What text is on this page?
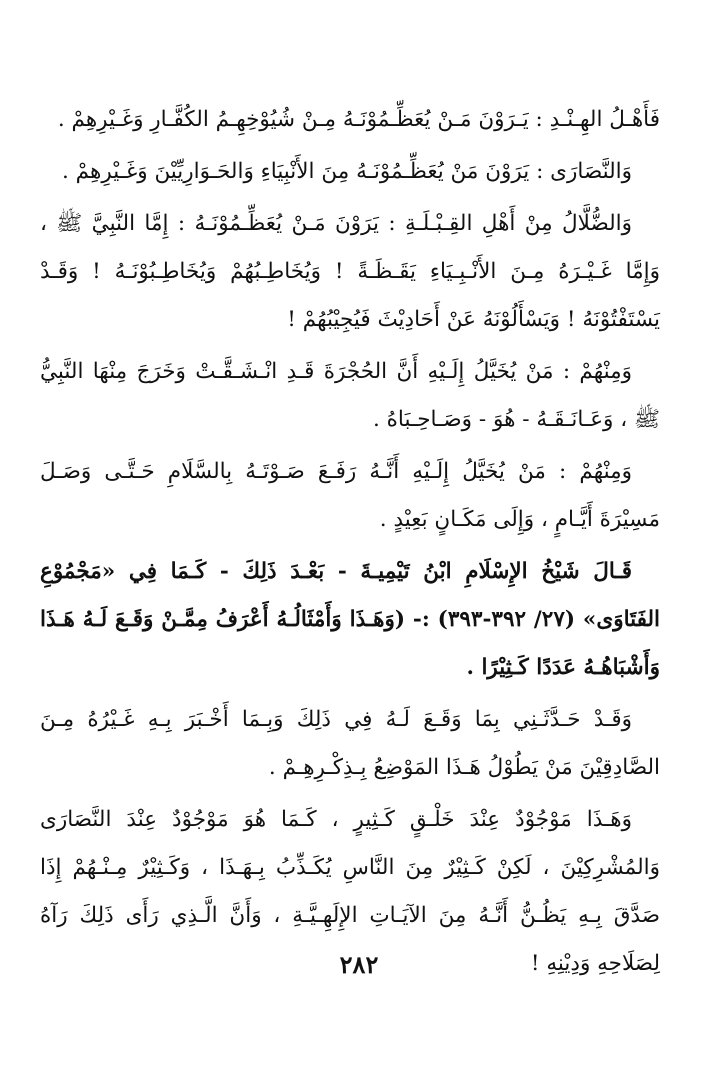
فَأَهْـلُ الهِـنْـدِ : يَـرَوْنَ مَـنْ يُعَظِّـمُوْنَـهُ مِـنْ شُيُوْخِهِـمُ الكُفَّـارِ وَغَـيْرِهِمْ .

وَالنَّصَارَى : يَرَوْنَ مَنْ يُعَظِّـمُوْنَـهُ مِنَ الأَنْبِيَاءِ وَالحَـوَارِيِّيْنَ وَغَـيْرِهِمْ .

وَالضُّلَّالُ مِنْ أَهْلِ القِـبْـلَـةِ : يَرَوْنَ مَـنْ يُعَظِّـمُوْنَـهُ : إِمَّا النَّبِيَّ ﷺ ، وَإِمَّا غَـيْـرَهُ مِـنَ الأَنْـبِـيَاءِ يَقَـظَـةً ! وَيُخَاطِـبُهُمْ وَيُخَاطِـبُوْنَـهُ ! وَقَـدْ يَسْتَفْتُوْنَهُ ! وَيَسْأَلُوْنَهُ عَنْ أَحَادِيْثَ فَيُجِيْبُهُمْ !

وَمِنْهُمْ : مَنْ يُخَيَّلُ إِلَـيْهِ أَنَّ الحُجْرَةَ قَـدِ انْـشَـقَّـتْ وَخَرَجَ مِنْهَا النَّبِيُّ ﷺ ، وَعَـانَـقَـهُ - هُوَ - وَصَـاحِـبَاهُ .

وَمِنْهُمْ : مَنْ يُخَيَّلُ إِلَـيْهِ أَنَّـهُ رَفَـعَ صَـوْتَـهُ بِالسَّلَامِ حَـتَّـى وَصَـلَ مَسِيْرَةَ أَيَّـامٍ ، وَإِلَى مَكَـانٍ بَعِيْدٍ .

قَـالَ شَيْخُ الإِسْلَامِ ابْنُ تَيْمِيـةَ - بَعْـدَ ذَلِكَ - كَـمَا فِي «مَجْمُوْعِ الفَتَاوَى» (٢٧/ ٣٩٢-٣٩٣) :- (وَهَـذَا وَأَمْثَالُـهُ أَعْرَفُ مِمَّـنْ وَقَـعَ لَـهُ هَـذَا وَأَشْبَاهُـهُ عَدَدًا كَـثِيْرًا .

وَقَـدْ حَـدَّثَـنِي بِمَا وَقَـعَ لَـهُ فِي ذَلِكَ وَبِـمَا أَخْـبَرَ بِـهِ غَـيْرُهُ مِـنَ الصَّادِقِيْنَ مَنْ يَطُوْلُ هَـذَا المَوْضِعُ بِـذِكْـرِهِـمْ .

وَهَـذَا مَوْجُوْدٌ عِنْدَ خَلْـقٍ كَـثِيرٍ ، كَـمَا هُوَ مَوْجُوْدٌ عِنْدَ النَّصَارَى وَالمُشْرِكِيْنَ ، لَكِنْ كَـثِيْرٌ مِنَ النَّاسِ يُكَـذِّبُ بِـهَـذَا ، وَكَـثِيْرٌ مِـنْـهُمْ إِذَا صَدَّقَ بِـهِ يَظُـنُّ أَنَّـهُ مِنَ الآيَـاتِ الإِلَهِـيَّـةِ ، وَأَنَّ الَّـذِي رَأَى ذَلِكَ رَآهُ لِصَلَاحِهِ وَدِيْنِهِ !

٢٨٢
